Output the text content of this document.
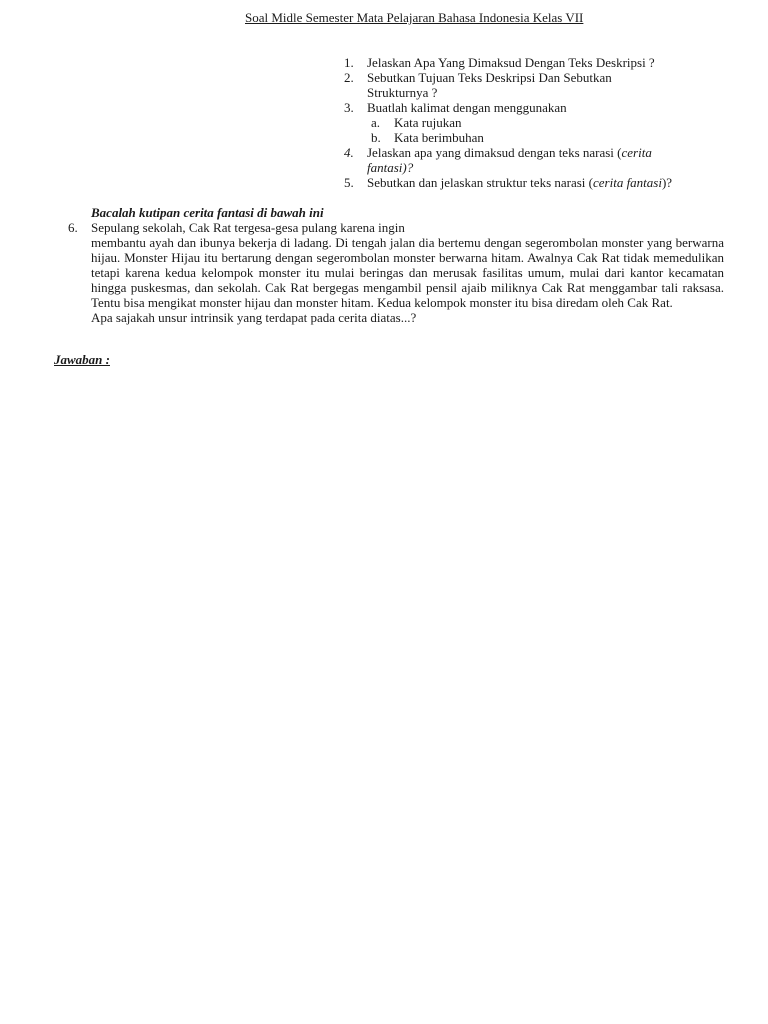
Soal Midle Semester Mata Pelajaran Bahasa Indonesia Kelas VII
1. Jelaskan Apa Yang Dimaksud Dengan Teks Deskripsi ?
2. Sebutkan Tujuan Teks Deskripsi Dan Sebutkan
Strukturnya ?
3. Buatlah kalimat dengan menggunakan
a. Kata rujukan
b. Kata berimbuhan
4. Jelaskan apa yang dimaksud dengan teks narasi (cerita
fantasi)?
5. Sebutkan dan jelaskan struktur teks narasi (cerita fantasi)?
Bacalah kutipan cerita fantasi di bawah ini
6. Sepulang sekolah, Cak Rat tergesa-gesa pulang karena ingin
membantu ayah dan ibunya bekerja di ladang. Di tengah jalan dia bertemu dengan segerombolan monster yang berwarna hijau. Monster Hijau itu bertarung dengan segerombolan monster berwarna hitam. Awalnya Cak Rat tidak memedulikan tetapi karena kedua kelompok monster itu mulai beringas dan merusak fasilitas umum, mulai dari kantor kecamatan hingga puskesmas, dan sekolah. Cak Rat bergegas mengambil pensil ajaib miliknya Cak Rat menggambar tali raksasa. Tentu bisa mengikat monster hijau dan monster hitam. Kedua kelompok monster itu bisa diredam oleh Cak Rat.
Apa sajakah unsur intrinsik yang terdapat pada cerita diatas...?
Jawaban :
